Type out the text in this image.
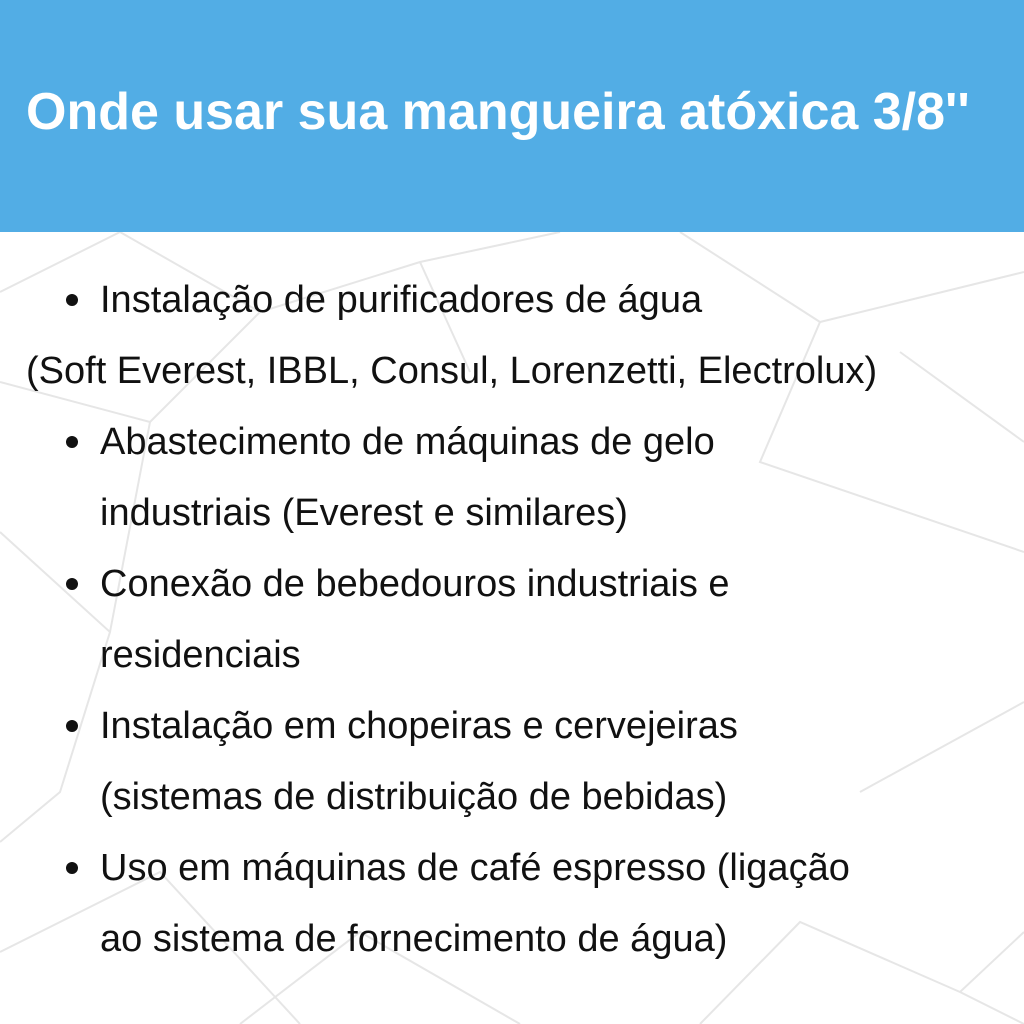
Onde usar sua mangueira atóxica 3/8''
Instalação de purificadores de água
(Soft Everest, IBBL, Consul, Lorenzetti, Electrolux)
Abastecimento de máquinas de gelo
industriais (Everest e similares)
Conexão de bebedouros industriais e
residenciais
Instalação em chopeiras e cervejeiras
(sistemas de distribuição de bebidas)
Uso em máquinas de café espresso (ligação
ao sistema de fornecimento de água)
